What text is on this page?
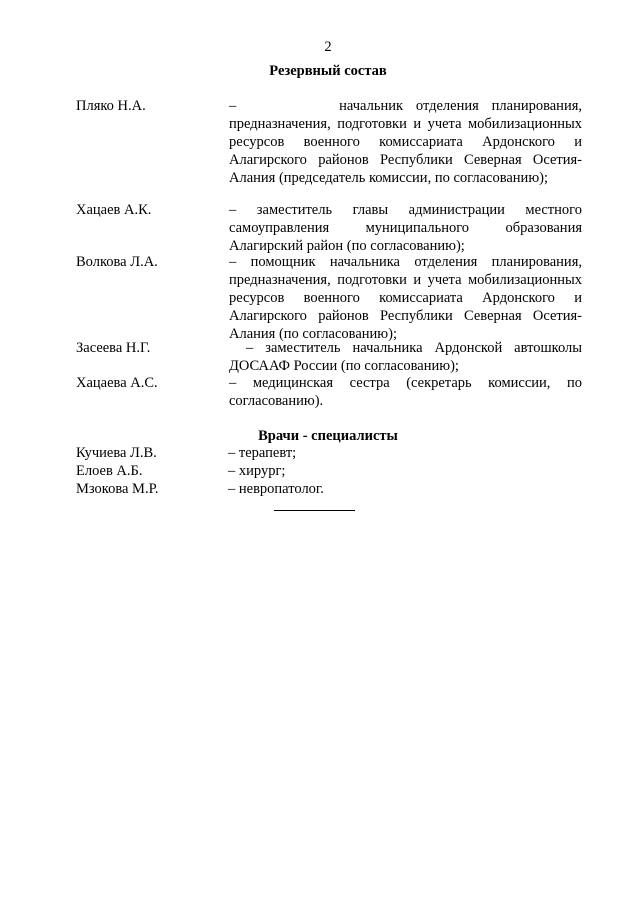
2
Резервный состав
Пляко Н.А.	–        начальник отделения планирования, предназначения, подготовки и учета мобилизационных ресурсов военного комиссариата Ардонского и Алагирского районов Республики Северная Осетия-Алания (председатель комиссии, по согласованию);
Хацаев А.К.	– заместитель главы администрации местного самоуправления муниципального образования Алагирский район (по согласованию);
Волкова Л.А.	– помощник начальника отделения планирования, предназначения, подготовки и учета мобилизационных ресурсов военного комиссариата Ардонского и Алагирского районов Республики Северная Осетия-Алания (по согласованию);
Засеева Н.Г.	– заместитель начальника Ардонской автошколы ДОСААФ России (по согласованию);
Хацаева А.С.	– медицинская сестра (секретарь комиссии, по согласованию).
Врачи - специалисты
Кучиева Л.В.	– терапевт;
Елоев А.Б.	– хирург;
Мзокова М.Р.	– невропатолог.
